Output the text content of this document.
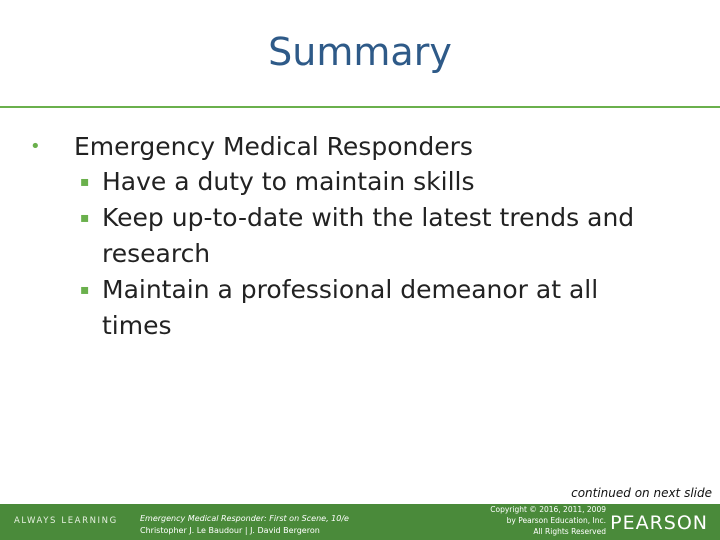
Summary
•	Emergency Medical Responders
▪ Have a duty to maintain skills
▪ Keep up-to-date with the latest trends and research
▪ Maintain a professional demeanor at all times
continued on next slide
ALWAYS LEARNING	Emergency Medical Responder: First on Scene, 10/e
Christopher J. Le Baudour | J. David Bergeron
Copyright © 2016, 2011, 2009
by Pearson Education, Inc.
All Rights Reserved PEARSON
